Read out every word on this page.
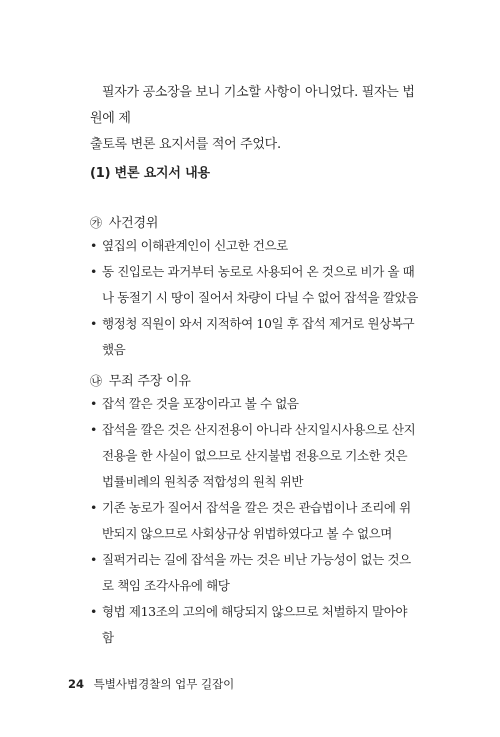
필자가 공소장을 보니 기소할 사항이 아니었다. 필자는 법원에 제
출토록 변론 요지서를 적어 주었다.

(1) 변론 요지서 내용
㉮ 사건경위
• 옆집의 이해관계인이 신고한 건으로
• 동 진입로는 과거부터 농로로 사용되어 온 것으로 비가 올 때나 동절기 시 땅이 질어서 차량이 다닐 수 없어 잡석을 깔았음
• 행정청 직원이 와서 지적하여 10일 후 잡석 제거로 원상복구했음
㉯ 무죄 주장 이유
• 잡석 깔은 것을 포장이라고 볼 수 없음
• 잡석을 깔은 것은 산지전용이 아니라 산지일시사용으로 산지전용을 한 사실이 없으므로 산지불법 전용으로 기소한 것은 법률비례의 원칙중 적합성의 원칙 위반
• 기존 농로가 질어서 잡석을 깔은 것은 관습법이나 조리에 위반되지 않으므로 사회상규상 위법하였다고 볼 수 없으며
• 질퍽거리는 길에 잡석을 까는 것은 비난 가능성이 없는 것으로 책임 조각사유에 해당
• 형법 제13조의 고의에 해당되지 않으므로 처벌하지 말아야 함
24 특별사법경찰의 업무 길잡이
